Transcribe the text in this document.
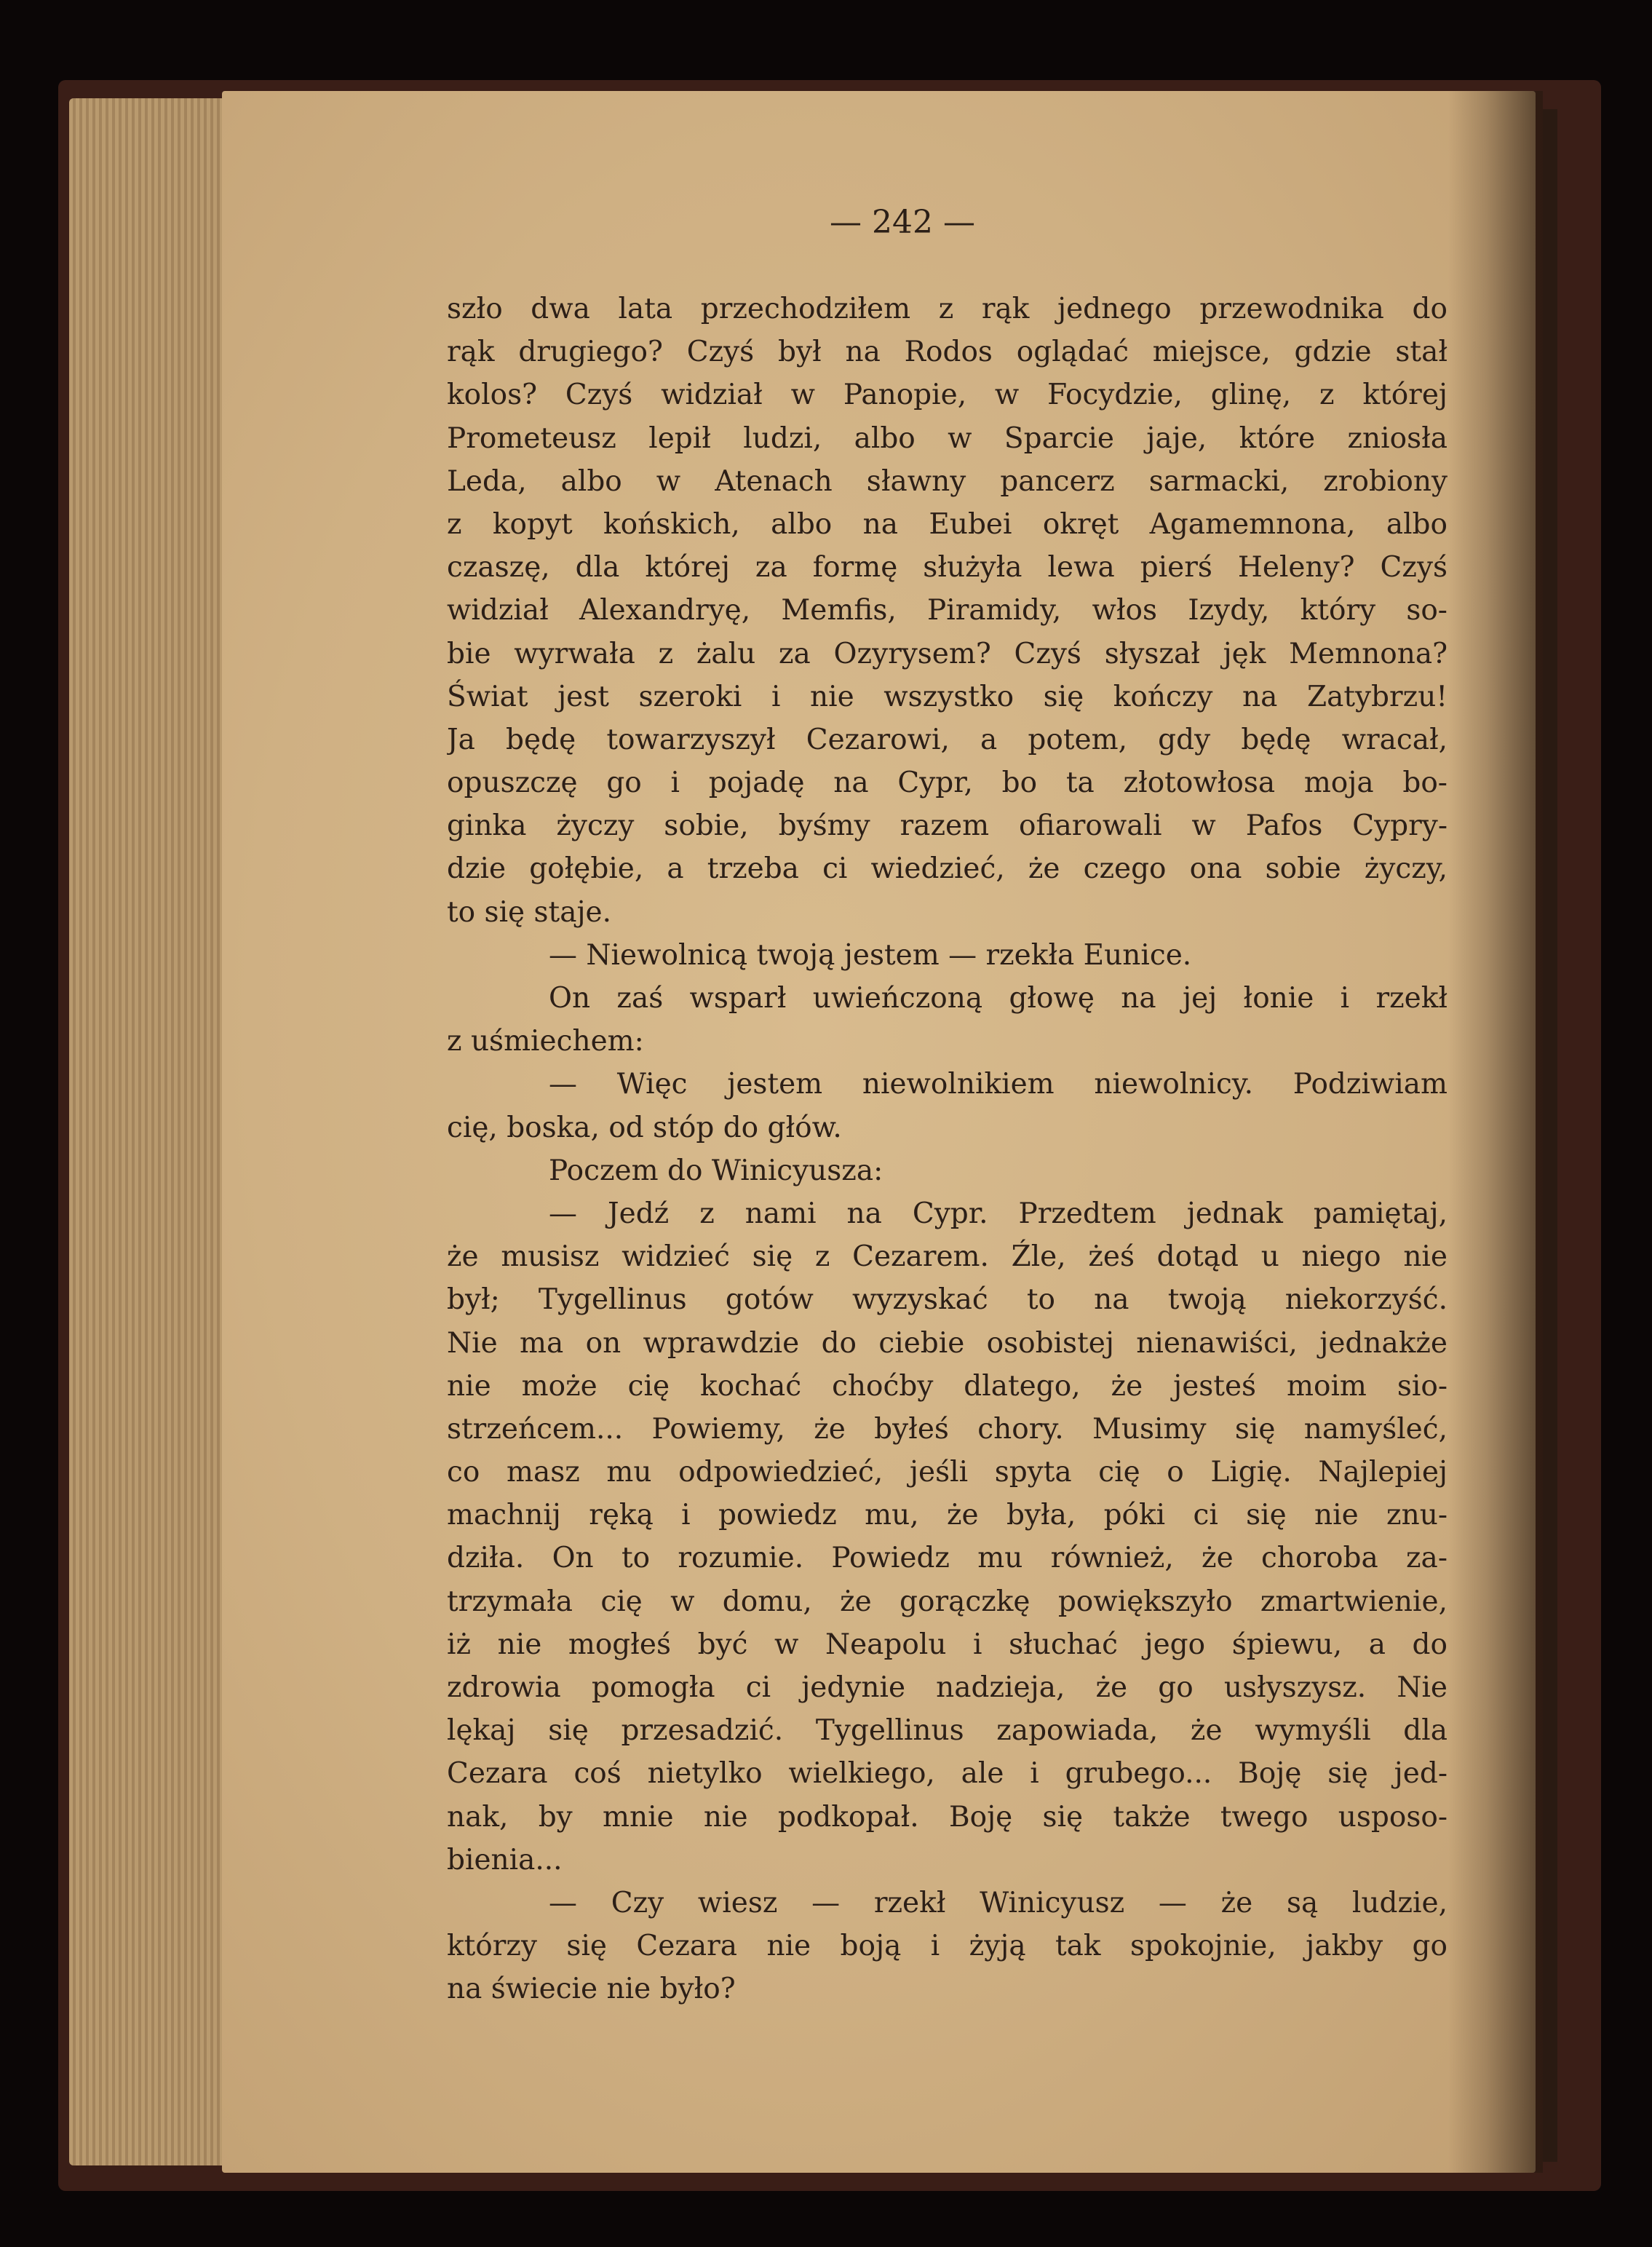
— 242 —
szło dwa lata przechodziłem z rąk jednego przewodnika do
rąk drugiego? Czyś był na Rodos oglądać miejsce, gdzie stał
kolos? Czyś widział w Panopie, w Focydzie, glinę, z której
Prometeusz lepił ludzi, albo w Sparcie jaje, które zniosła
Leda, albo w Atenach sławny pancerz sarmacki, zrobiony
z kopyt końskich, albo na Eubei okręt Agamemnona, albo
czaszę, dla której za formę służyła lewa pierś Heleny? Czyś
widział Alexandryę, Memfis, Piramidy, włos Izydy, który so-
bie wyrwała z żalu za Ozyrysem? Czyś słyszał jęk Memnona?
Świat jest szeroki i nie wszystko się kończy na Zatybrzu!
Ja będę towarzyszył Cezarowi, a potem, gdy będę wracał,
opuszczę go i pojadę na Cypr, bo ta złotowłosa moja bo-
ginka życzy sobie, byśmy razem ofiarowali w Pafos Cypry-
dzie gołębie, a trzeba ci wiedzieć, że czego ona sobie życzy,
to się staje.
— Niewolnicą twoją jestem — rzekła Eunice.
On zaś wsparł uwieńczoną głowę na jej łonie i rzekł
z uśmiechem:
— Więc jestem niewolnikiem niewolnicy. Podziwiam
cię, boska, od stóp do głów.
Poczem do Winicyusza:
— Jedź z nami na Cypr. Przedtem jednak pamiętaj,
że musisz widzieć się z Cezarem. Źle, żeś dotąd u niego nie
był; Tygellinus gotów wyzyskać to na twoją niekorzyść.
Nie ma on wprawdzie do ciebie osobistej nienawiści, jednakże
nie może cię kochać choćby dlatego, że jesteś moim sio-
strzeńcem... Powiemy, że byłeś chory. Musimy się namyśleć,
co masz mu odpowiedzieć, jeśli spyta cię o Ligię. Najlepiej
machnij ręką i powiedz mu, że była, póki ci się nie znu-
dziła. On to rozumie. Powiedz mu również, że choroba za-
trzymała cię w domu, że gorączkę powiększyło zmartwienie,
iż nie mogłeś być w Neapolu i słuchać jego śpiewu, a do
zdrowia pomogła ci jedynie nadzieja, że go usłyszysz. Nie
lękaj się przesadzić. Tygellinus zapowiada, że wymyśli dla
Cezara coś nietylko wielkiego, ale i grubego... Boję się jed-
nak, by mnie nie podkopał. Boję się także twego usposo-
bienia...
— Czy wiesz — rzekł Winicyusz — że są ludzie,
którzy się Cezara nie boją i żyją tak spokojnie, jakby go
na świecie nie było?
